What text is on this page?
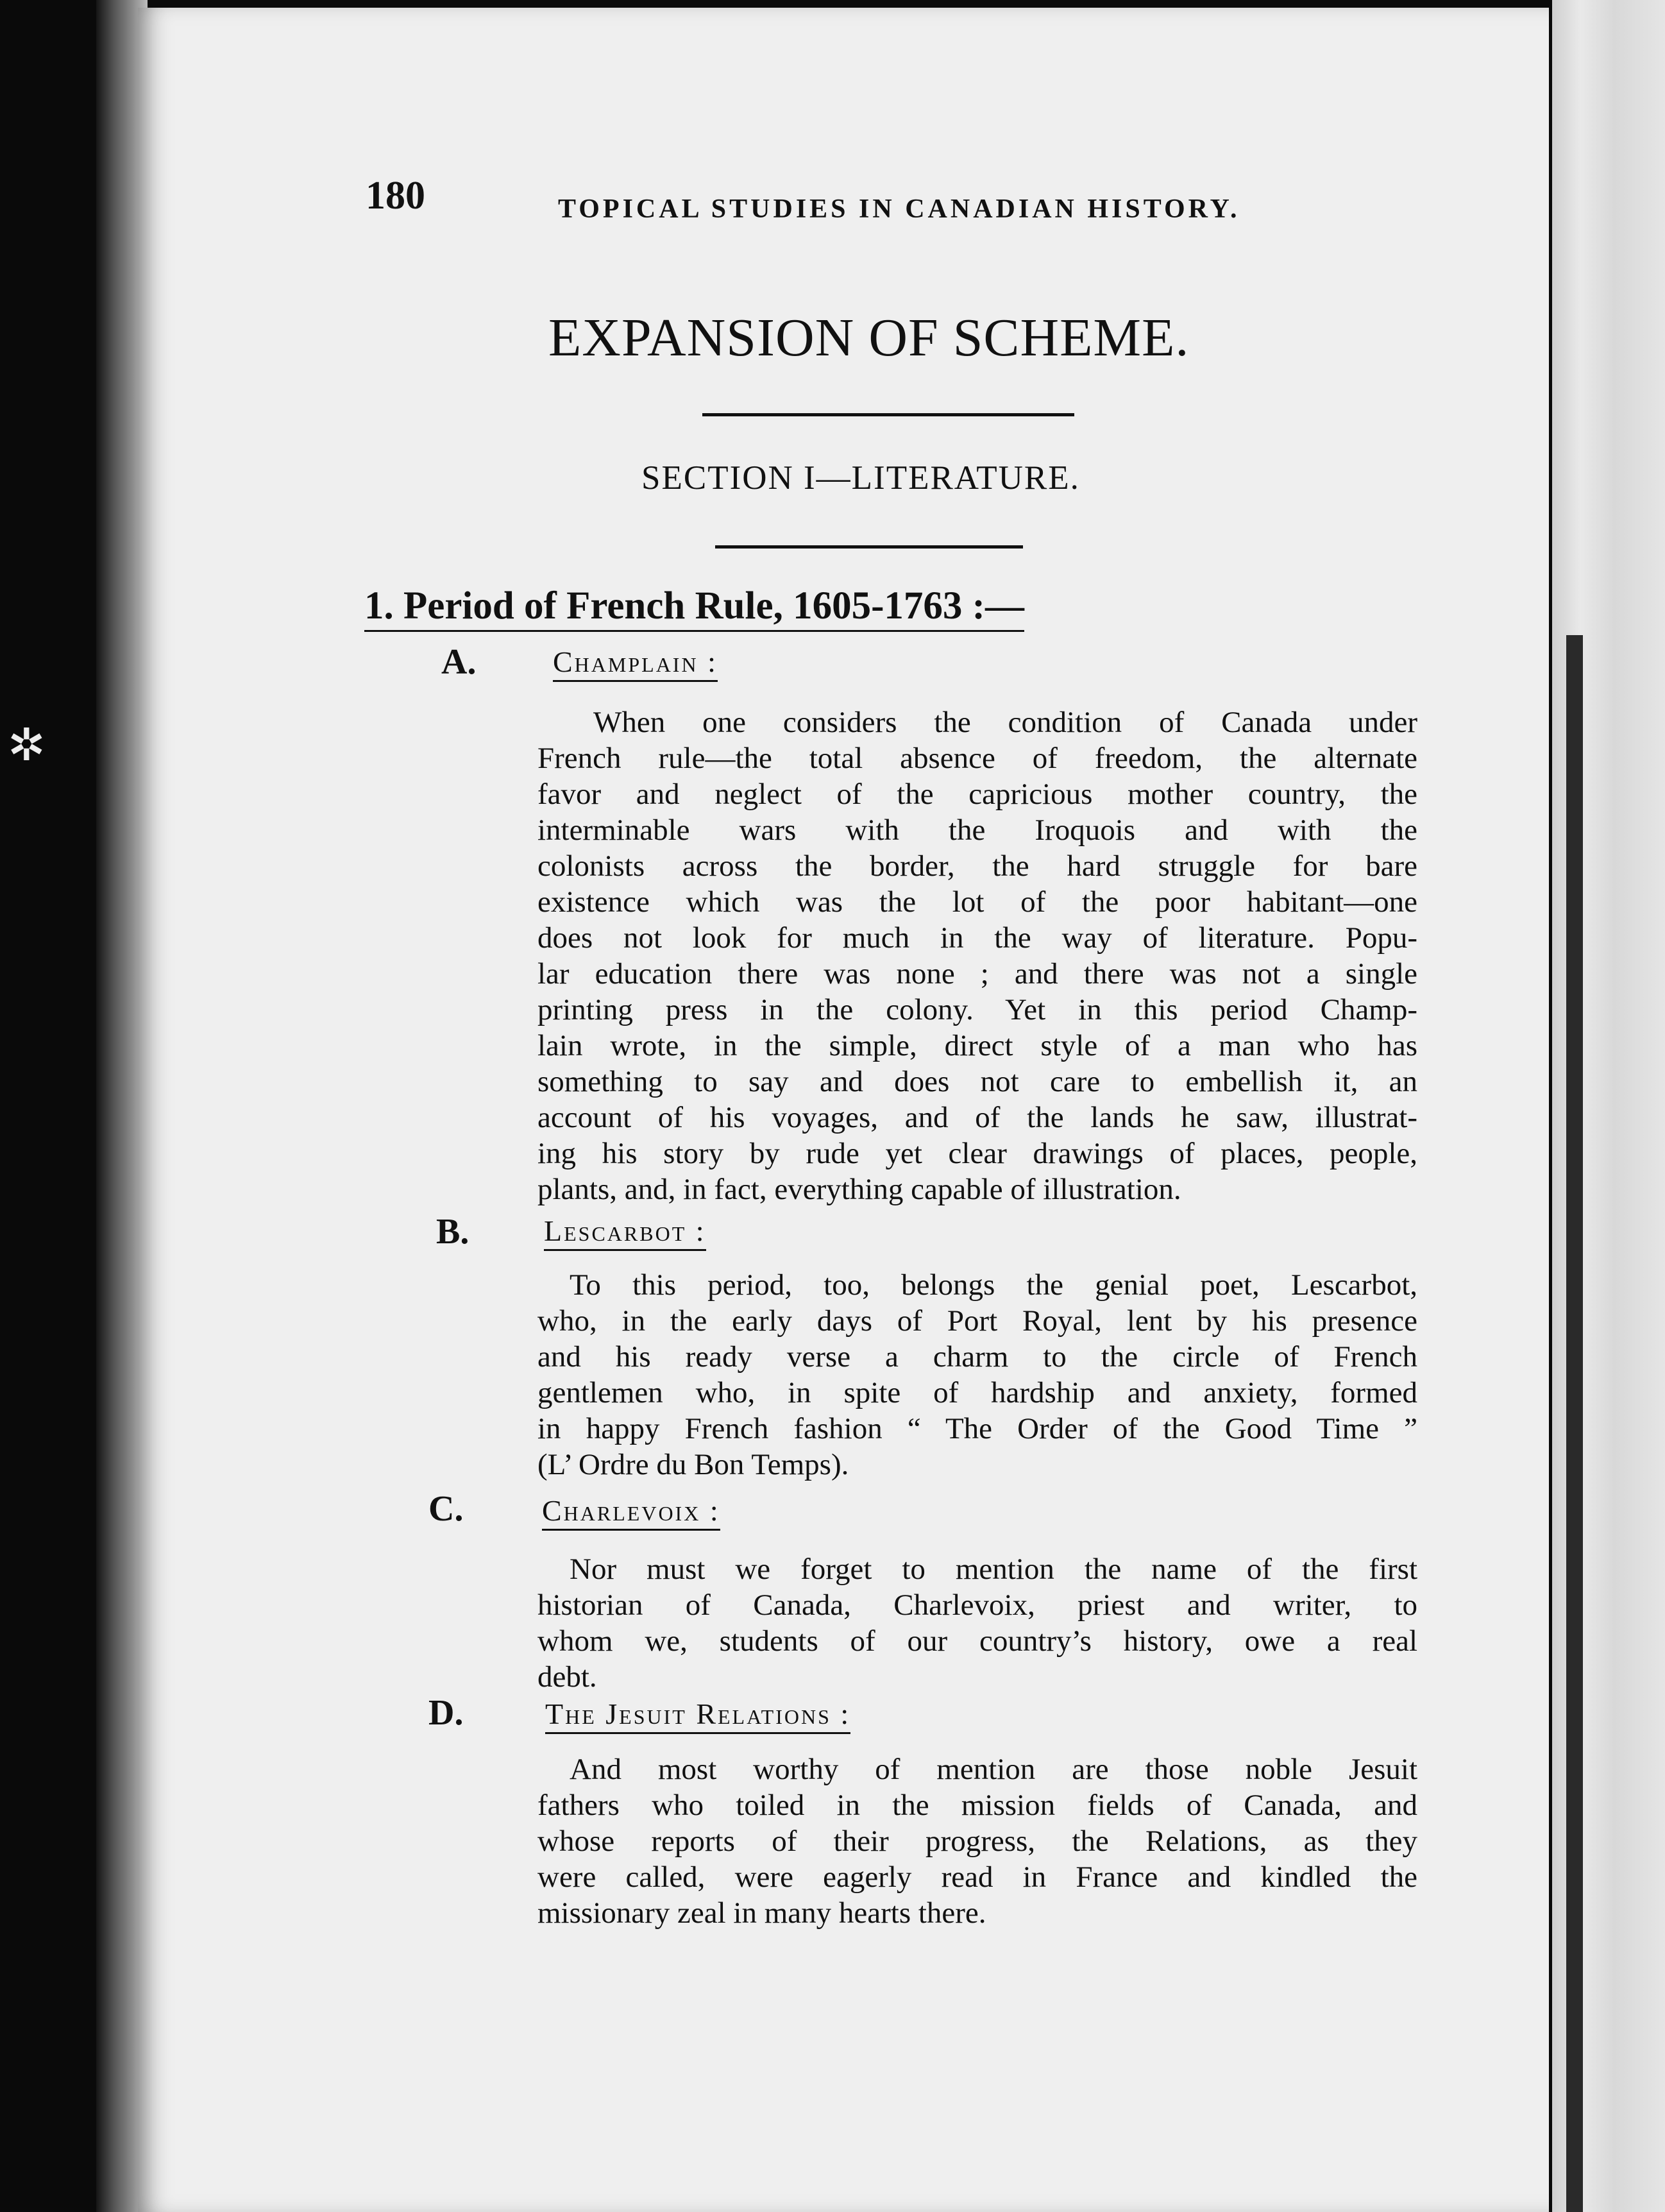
✲
180	TOPICAL STUDIES IN CANADIAN HISTORY.
EXPANSION OF SCHEME.
SECTION I—LITERATURE.
1. Period of French Rule, 1605-1763 :—
A.	Champlain :
When one considers the condition of Canada under
French rule—the total absence of freedom, the alternate
favor and neglect of the capricious mother country, the
interminable wars with the Iroquois and with the
colonists across the border, the hard struggle for bare
existence which was the lot of the poor habitant—one
does not look for much in the way of literature. Popu-
lar education there was none ; and there was not a single
printing press in the colony. Yet in this period Champ-
lain wrote, in the simple, direct style of a man who has
something to say and does not care to embellish it, an
account of his voyages, and of the lands he saw, illustrat-
ing his story by rude yet clear drawings of places, people,
plants, and, in fact, everything capable of illustration.
B.	Lescarbot :
To this period, too, belongs the genial poet, Lescarbot,
who, in the early days of Port Royal, lent by his presence
and his ready verse a charm to the circle of French
gentlemen who, in spite of hardship and anxiety, formed
in happy French fashion “ The Order of the Good Time ”
(L’ Ordre du Bon Temps).
C.	Charlevoix :
Nor must we forget to mention the name of the first
historian of Canada, Charlevoix, priest and writer, to
whom we, students of our country’s history, owe a real
debt.
D.	The Jesuit Relations :
And most worthy of mention are those noble Jesuit
fathers who toiled in the mission fields of Canada, and
whose reports of their progress, the Relations, as they
were called, were eagerly read in France and kindled the
missionary zeal in many hearts there.
